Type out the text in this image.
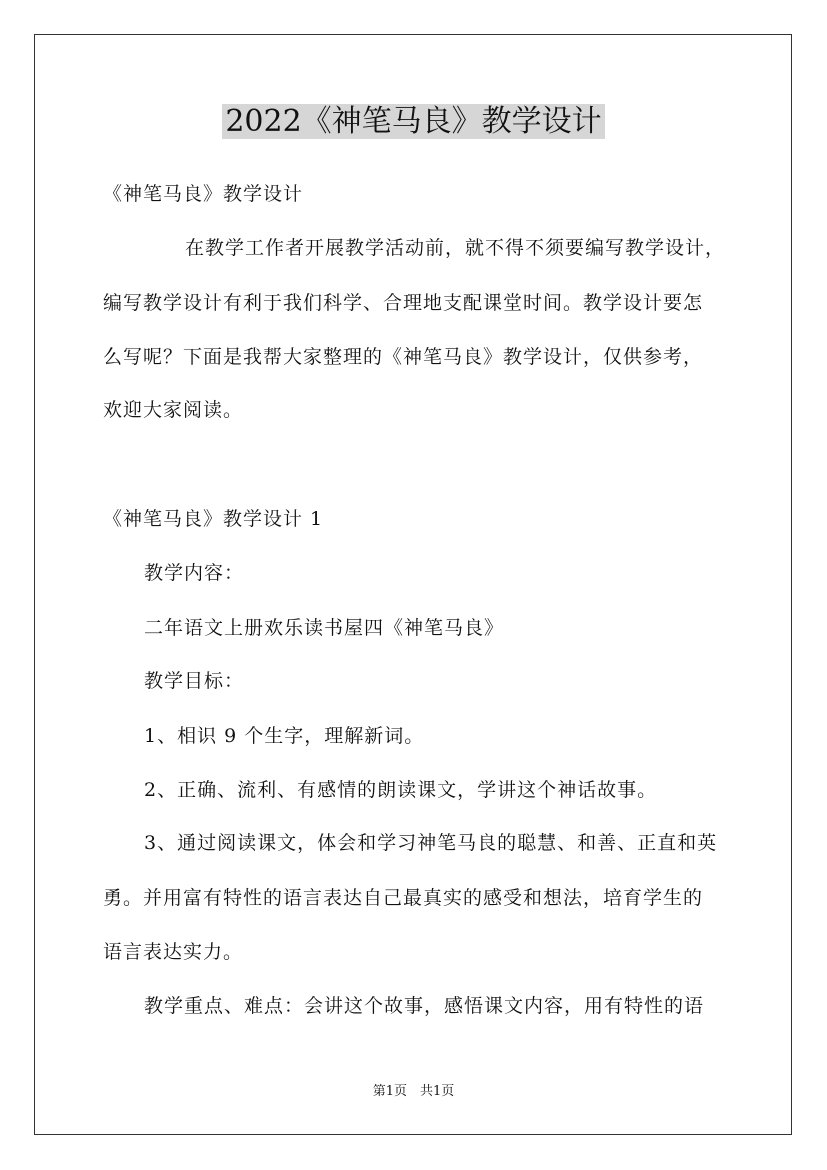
2022《神笔马良》教学设计
《神笔马良》教学设计
在教学工作者开展教学活动前，就不得不须要编写教学设计，
编写教学设计有利于我们科学、合理地支配课堂时间。教学设计要怎
么写呢？下面是我帮大家整理的《神笔马良》教学设计，仅供参考，
欢迎大家阅读。
《神笔马良》教学设计 1
教学内容：
二年语文上册欢乐读书屋四《神笔马良》
教学目标：
1、相识 9 个生字，理解新词。
2、正确、流利、有感情的朗读课文，学讲这个神话故事。
3、通过阅读课文，体会和学习神笔马良的聪慧、和善、正直和英
勇。并用富有特性的语言表达自己最真实的感受和想法，培育学生的
语言表达实力。
教学重点、难点：会讲这个故事，感悟课文内容，用有特性的语
第1页　共1页
